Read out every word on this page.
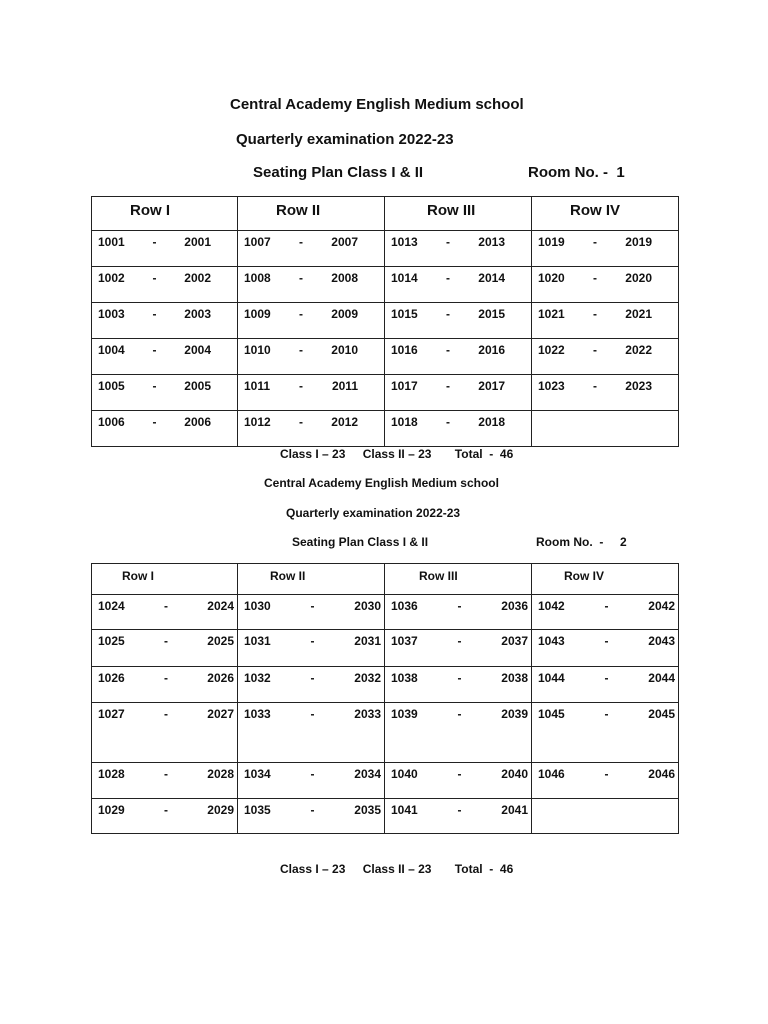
Central Academy English Medium school
Quarterly examination 2022-23
Seating Plan Class I & II	Room No. -  1
Row I	Row II	Row III	Row IV

1001 - 2001	1007 - 2007	1013 - 2013	1019 - 2019

1002 - 2002	1008 - 2008	1014 - 2014	1020 - 2020

1003 - 2003	1009 - 2009	1015 - 2015	1021 - 2021

1004 - 2004	1010 - 2010	1016 - 2016	1022 - 2022

1005 - 2005	1011 - 2011	1017 - 2017	1023 - 2023

1006 - 2006	1012 - 2012	1018 - 2018	

Class I – 23 Class II – 23 Total  -  46
Central Academy English Medium school
Quarterly examination 2022-23
Seating Plan Class I & II	Room No.  -     2
Row I	Row II	Row III	Row IV

1024 - 2024	1030 - 2030	1036 - 2036	1042 - 2042

1025 - 2025	1031 - 2031	1037 - 2037	1043 - 2043

1026 - 2026	1032 - 2032	1038 - 2038	1044 - 2044

1027 - 2027	1033 - 2033	1039 - 2039	1045 - 2045

1028 - 2028	1034 - 2034	1040 - 2040	1046 - 2046

1029 - 2029	1035 - 2035	1041 - 2041	

Class I – 23 Class II – 23 Total  -  46
